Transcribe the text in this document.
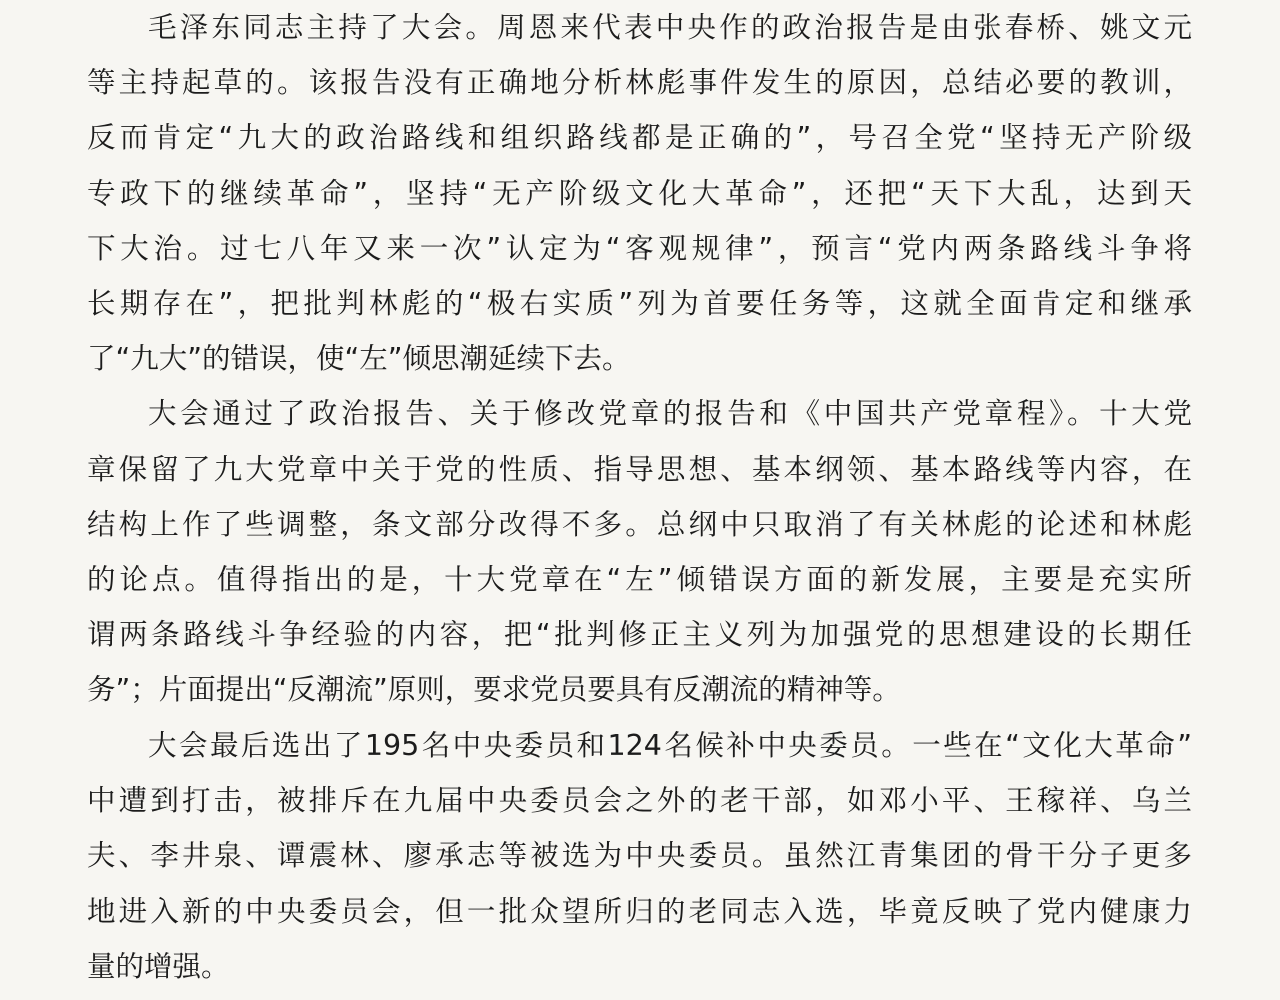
毛泽东同志主持了大会。周恩来代表中央作的政治报告是由张春桥、姚文元
等主持起草的。该报告没有正确地分析林彪事件发生的原因，总结必要的教训，
反而肯定“九大的政治路线和组织路线都是正确的”，号召全党“坚持无产阶级
专政下的继续革命”，坚持“无产阶级文化大革命”，还把“天下大乱，达到天
下大治。过七八年又来一次”认定为“客观规律”，预言“党内两条路线斗争将
长期存在”，把批判林彪的“极右实质”列为首要任务等，这就全面肯定和继承
了“九大”的错误，使“左”倾思潮延续下去。
大会通过了政治报告、关于修改党章的报告和《中国共产党章程》。十大党
章保留了九大党章中关于党的性质、指导思想、基本纲领、基本路线等内容，在
结构上作了些调整，条文部分改得不多。总纲中只取消了有关林彪的论述和林彪
的论点。值得指出的是，十大党章在“左”倾错误方面的新发展，主要是充实所
谓两条路线斗争经验的内容，把“批判修正主义列为加强党的思想建设的长期任
务”；片面提出“反潮流”原则，要求党员要具有反潮流的精神等。
大会最后选出了195名中央委员和124名候补中央委员。一些在“文化大革命”
中遭到打击，被排斥在九届中央委员会之外的老干部，如邓小平、王稼祥、乌兰
夫、李井泉、谭震林、廖承志等被选为中央委员。虽然江青集团的骨干分子更多
地进入新的中央委员会，但一批众望所归的老同志入选，毕竟反映了党内健康力
量的增强。
